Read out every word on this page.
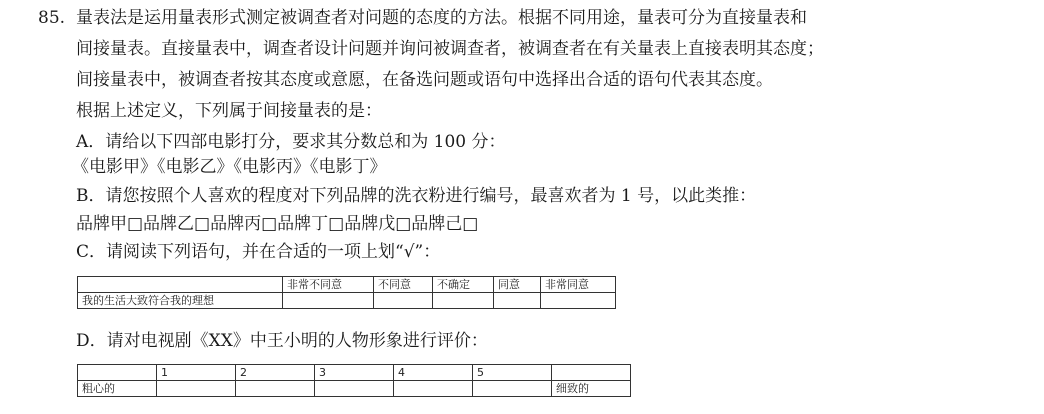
85. 量表法是运用量表形式测定被调查者对问题的态度的方法。根据不同用途，量表可分为直接量表和
间接量表。直接量表中，调查者设计问题并询问被调查者，被调查者在有关量表上直接表明其态度；
间接量表中，被调查者按其态度或意愿，在备选问题或语句中选择出合适的语句代表其态度。
根据上述定义，下列属于间接量表的是：
A．请给以下四部电影打分，要求其分数总和为 100 分：
《电影甲》《电影乙》《电影丙》《电影丁》
B．请您按照个人喜欢的程度对下列品牌的洗衣粉进行编号，最喜欢者为 1 号，以此类推：
品牌甲□品牌乙□品牌丙□品牌丁□品牌戊□品牌己□
C．请阅读下列语句，并在合适的一项上划“√”：
	非常不同意	不同意	不确定	同意	非常同意
我的生活大致符合我的理想					
D．请对电视剧《XX》中王小明的人物形象进行评价：
	1	2	3	4	5	
粗心的						细致的
